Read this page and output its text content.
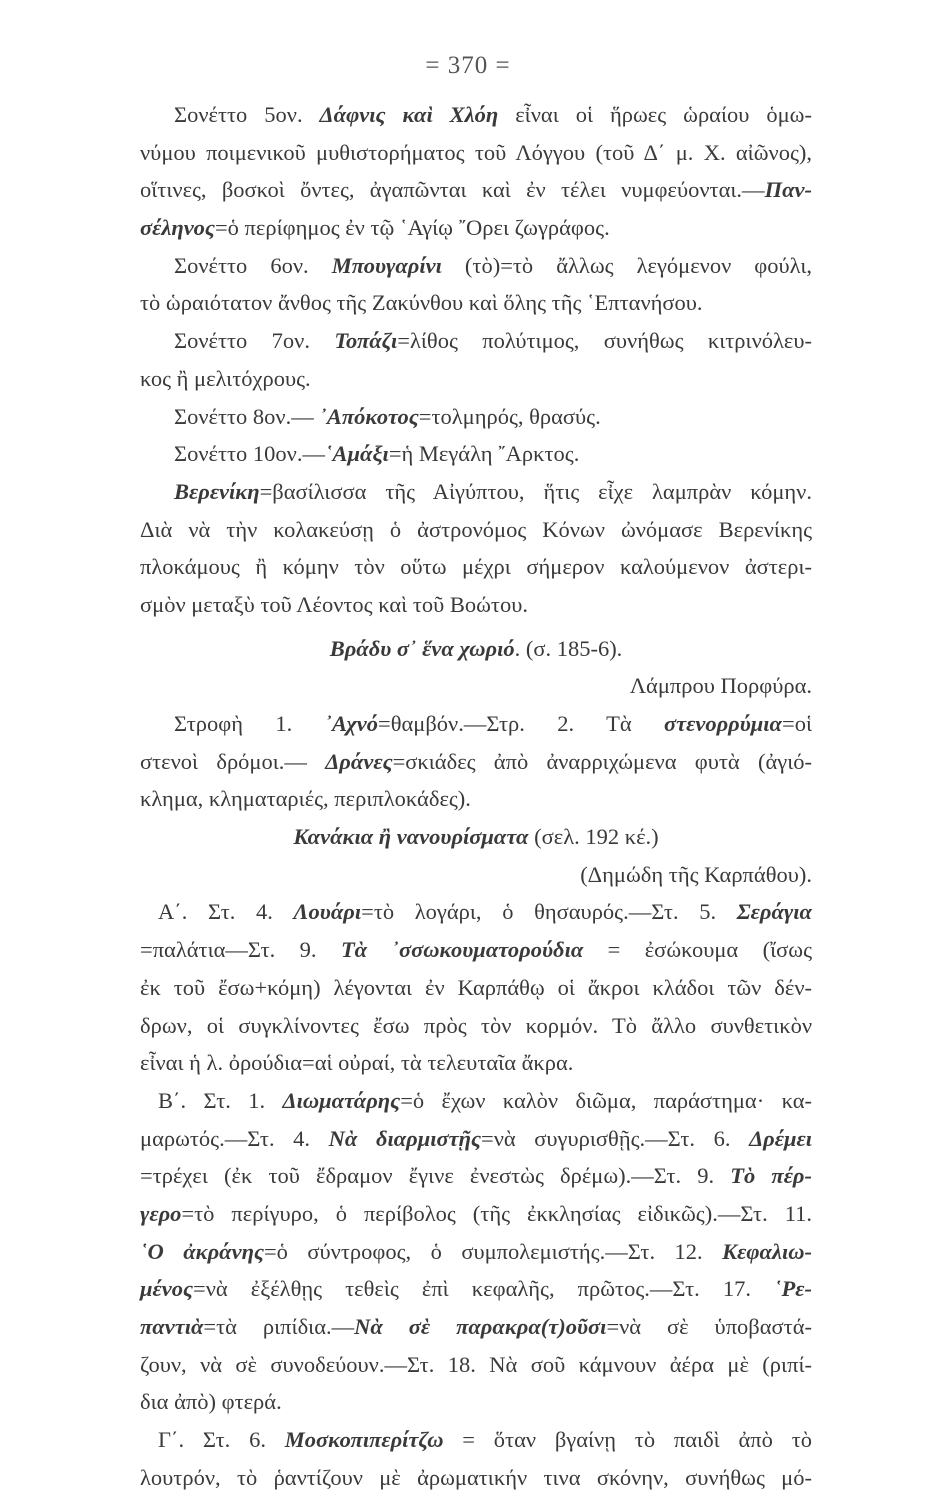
= 370 =
Σονέττο 5ον. Δάφνις καὶ Χλόη εἶναι οἱ ἥρωες ὡραίου ὁμω-
νύμου ποιμενικοῦ μυθιστορήματος τοῦ Λόγγου (τοῦ Δ΄ μ. Χ. αἰῶνος),
οἵτινες, βοσκοὶ ὄντες, ἀγαπῶνται καὶ ἐν τέλει νυμφεύονται.—Παν-
σέληνος=ὁ περίφημος ἐν τῷ ῾Αγίῳ ῎Ορει ζωγράφος.
Σονέττο 6ον. Μπουγαρίνι (τὸ)=τὸ ἄλλως λεγόμενον φούλι,
τὸ ὡραιότατον ἄνθος τῆς Ζακύνθου καὶ ὅλης τῆς ῾Επτανήσου.
Σονέττο 7ον. Τοπάζι=λίθος πολύτιμος, συνήθως κιτρινόλευ-
κος ἢ μελιτόχρους.
Σονέττο 8ον.— ᾿Απόκοτος=τολμηρός, θρασύς.
Σονέττο 10ον.—῾Αμάξι=ἡ Μεγάλη ῎Αρκτος.
Βερενίκη=βασίλισσα τῆς Αἰγύπτου, ἥτις εἶχε λαμπρὰν κόμην.
Διὰ νὰ τὴν κολακεύσῃ ὁ ἀστρονόμος Κόνων ὠνόμασε Βερενίκης
πλοκάμους ἢ κόμην τὸν οὕτω μέχρι σήμερον καλούμενον ἀστερι-
σμὸν μεταξὺ τοῦ Λέοντος καὶ τοῦ Βοώτου.
Βράδυ σ᾿ ἕνα χωριό. (σ. 185-6).
Λάμπρου Πορφύρα.
Στροφὴ 1. ᾿Αχνό=θαμβόν.—Στρ. 2. Τὰ στενορρύμια=οἱ
στενοὶ δρόμοι.— Δράνες=σκιάδες ἀπὸ ἀναρριχώμενα φυτὰ (ἀγιό-
κλημα, κληματαριές, περιπλοκάδες).
Κανάκια ἢ νανουρίσματα (σελ. 192 κέ.)
(Δημώδη τῆς Καρπάθου).
Α΄. Στ. 4. Λουάρι=τὸ λογάρι, ὁ θησαυρός.—Στ. 5. Σεράγια
=παλάτια—Στ. 9. Τὰ ᾿σσωκουματορούδια = ἐσώκουμα (ἴσως
ἐκ τοῦ ἔσω+κόμη) λέγονται ἐν Καρπάθῳ οἱ ἄκροι κλάδοι τῶν δέν-
δρων, οἱ συγκλίνοντες ἔσω πρὸς τὸν κορμόν. Τὸ ἄλλο συνθετικὸν
εἶναι ἡ λ. ὀρούδια=αἱ οὐραί, τὰ τελευταῖα ἄκρα.
Β΄. Στ. 1. Διωματάρης=ὁ ἔχων καλὸν διῶμα, παράστημα· κα-
μαρωτός.—Στ. 4. Νὰ διαρμιστῇς=νὰ συγυρισθῇς.—Στ. 6. Δρέμει
=τρέχει (ἐκ τοῦ ἔδραμον ἔγινε ἐνεστὼς δρέμω).—Στ. 9. Τὸ πέρ-
γερο=τὸ περίγυρο, ὁ περίβολος (τῆς ἐκκλησίας εἰδικῶς).—Στ. 11.
῾Ο ἀκράνης=ὁ σύντροφος, ὁ συμπολεμιστής.—Στ. 12. Κεφαλιω-
μένος=νὰ ἐξέλθῃς τεθεὶς ἐπὶ κεφαλῆς, πρῶτος.—Στ. 17. ῾Ρε-
παντιὰ=τὰ ριπίδια.—Νὰ σὲ παρακρα(τ)οῦσι=νὰ σὲ ὑποβαστά-
ζουν, νὰ σὲ συνοδεύουν.—Στ. 18. Νὰ σοῦ κάμνουν ἀέρα μὲ (ριπί-
δια ἀπὸ) φτερά.
Γ΄. Στ. 6. Μοσκοπιπερίτζω = ὅταν βγαίνῃ τὸ παιδὶ ἀπὸ τὸ
λουτρόν, τὸ ῥαντίζουν μὲ ἀρωματικήν τινα σκόνην, συνήθως μό-
